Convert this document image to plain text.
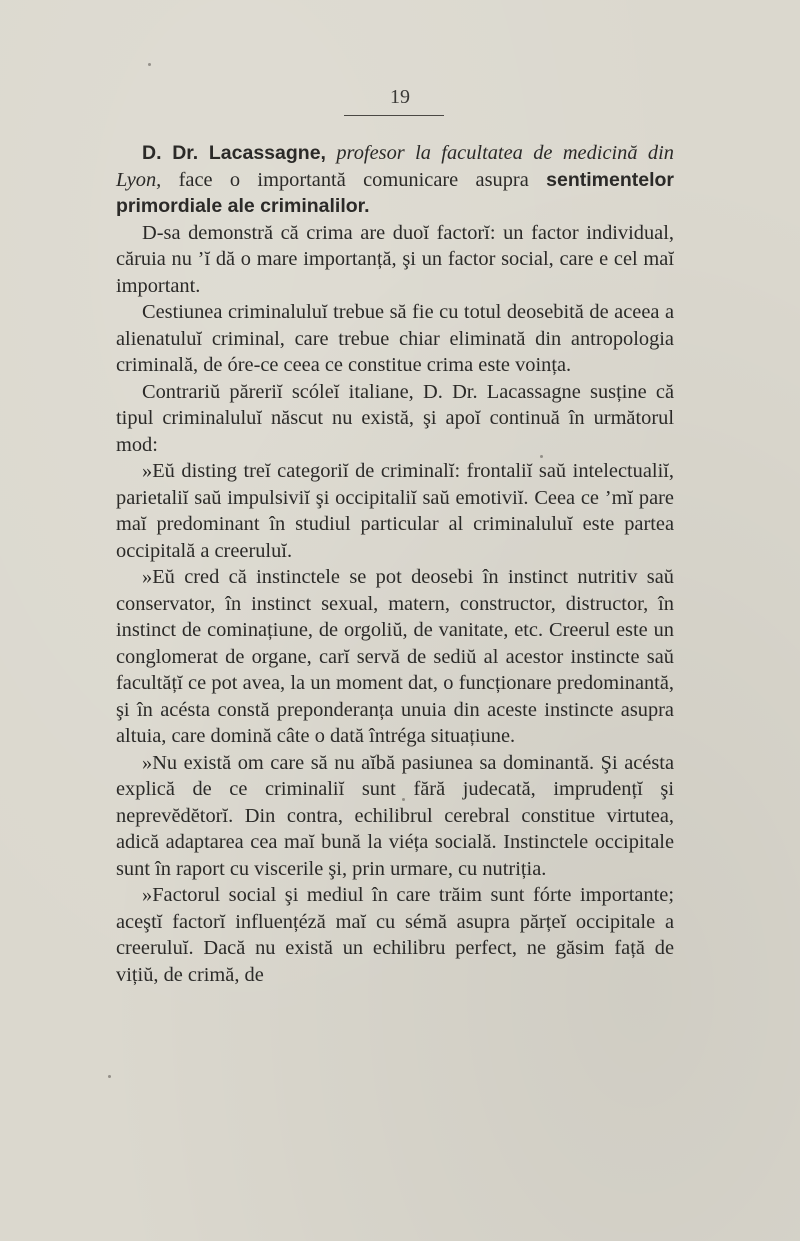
19

D. Dr. Lacassagne, profesor la facultatea de medicină din Lyon, face o importantă comunicare asupra sentimentelor primordiale ale criminalilor.

D-sa demonstră că crima are duoĭ factorĭ: un factor individual, căruia nu ’ĭ dă o mare importanță, şi un factor social, care e cel maĭ important.

Cestiunea criminaluluĭ trebue să fie cu totul deosebită de aceea a alienatuluĭ criminal, care trebue chiar eliminată din antropologia criminală, de óre-ce ceea ce constitue crima este voința.

Contrariŭ păreriĭ scóleĭ italiane, D. Dr. Lacassagne susține că tipul criminaluluĭ născut nu există, şi apoĭ continuă în următorul mod:

»Eŭ disting treĭ categoriĭ de criminalĭ: frontaliĭ saŭ intelectualiĭ, parietaliĭ saŭ impulsiviĭ şi occipitaliĭ saŭ emotiviĭ. Ceea ce ’mĭ pare maĭ predominant în studiul particular al criminaluluĭ este partea occipitală a creeruluĭ.

»Eŭ cred că instinctele se pot deosebi în instinct nutritiv saŭ conservator, în instinct sexual, matern, constructor, distructor, în instinct de cominațiune, de orgoliŭ, de vanitate, etc. Creerul este un conglomerat de organe, carĭ servă de sediŭ al acestor instincte saŭ facultățĭ ce pot avea, la un moment dat, o funcționare predominantă, şi în acésta constă preponderanța unuia din aceste instincte asupra altuia, care domină câte o dată întréga situațiune.

»Nu există om care să nu aĭbă pasiunea sa dominantă. Şi acésta explică de ce criminaliĭ sunt fără judecată, imprudențĭ şi neprevĕdĕtorĭ. Din contra, echilibrul cerebral constitue virtutea, adică adaptarea cea maĭ bună la viéța socială. Instinctele occipitale sunt în raport cu viscerile şi, prin urmare, cu nutriția.

»Factorul social şi mediul în care trăim sunt fórte importante; aceştĭ factorĭ influențéză maĭ cu sémă asupra părțeĭ occipitale a creeruluĭ. Dacă nu există un echilibru perfect, ne găsim față de vițiŭ, de crimă, de
